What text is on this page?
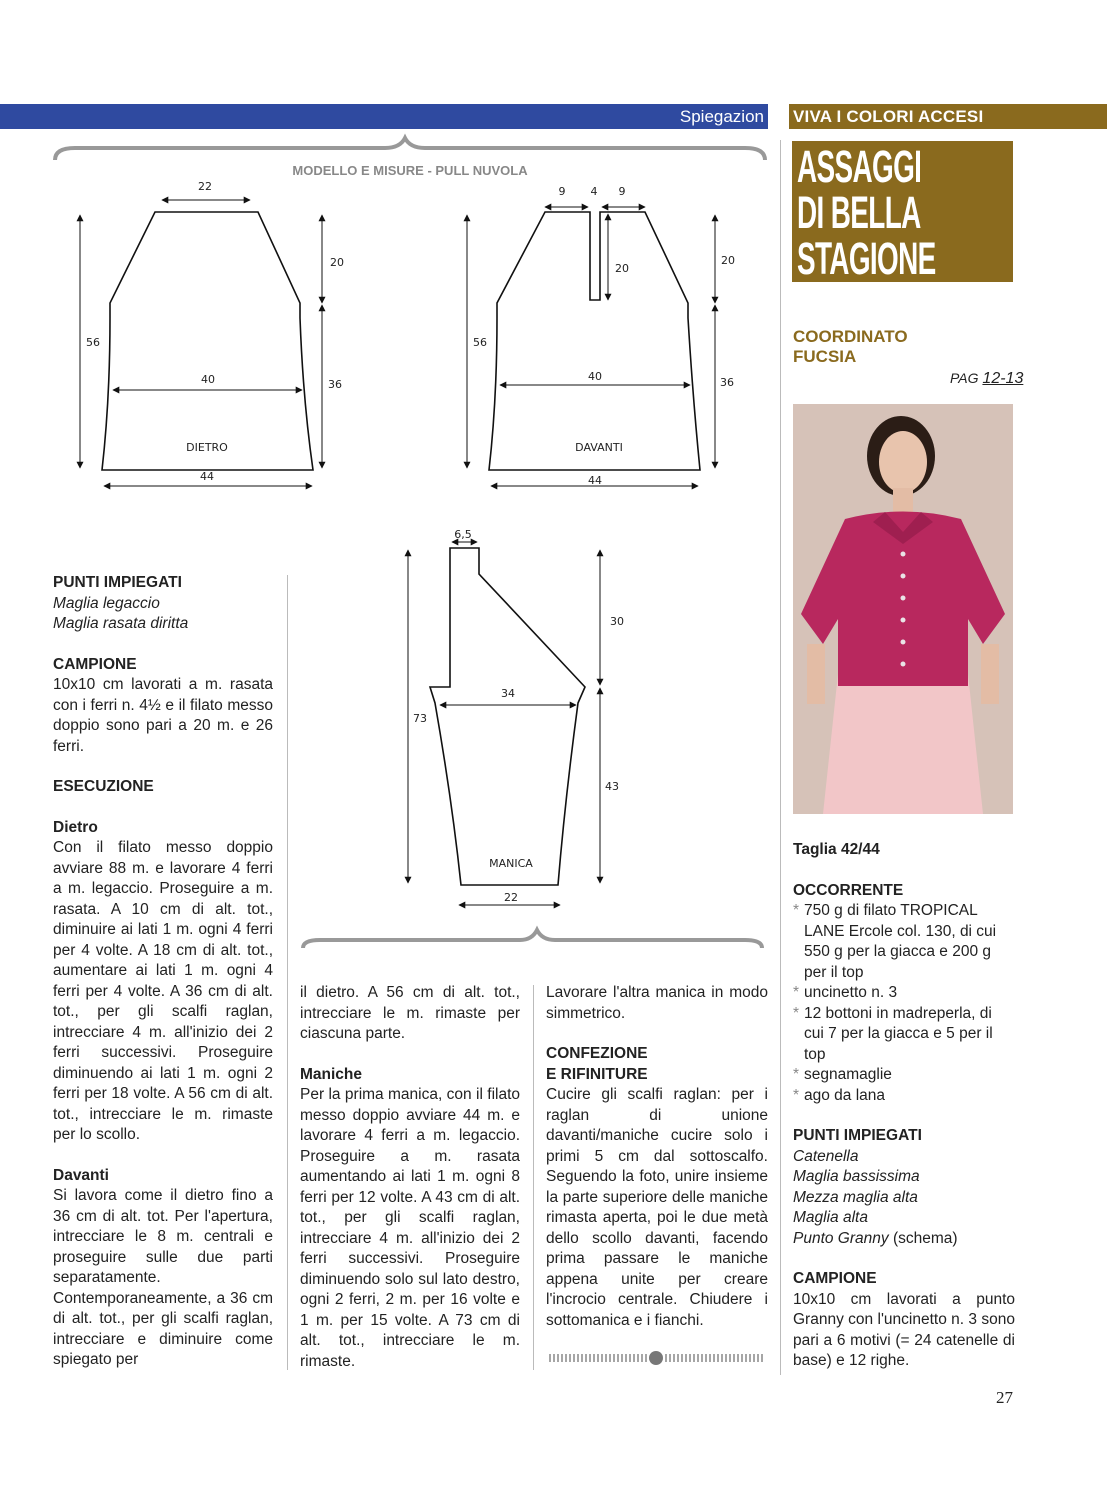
Spiegazion VIVA I COLORI ACCESI
ASSAGGI
DI BELLA
STAGIONE
MODELLO E MISURE - PULL NUVOLA
22
56
20
36
40
DIETRO
44
9 4 9
20
56
20
36
40
DAVANTI
44
6,5
30
34
73
43
MANICA
22
PUNTI IMPIEGATI
Maglia legaccio
Maglia rasata diritta
CAMPIONE

10x10 cm lavorati a m. rasata con i ferri n. 4½ e il filato messo doppio sono pari a 20 m. e 26 ferri.

ESECUZIONE
Dietro

Con il filato messo doppio avviare 88 m. e lavorare 4 ferri a m. legaccio. Proseguire a m. rasata. A 10 cm di alt. tot., diminuire ai lati 1 m. ogni 4 ferri per 4 volte. A 18 cm di alt. tot., aumentare ai lati 1 m. ogni 4 ferri per 4 volte. A 36 cm di alt. tot., per gli scalfi raglan, intrecciare 4 m. all'inizio dei 2 ferri successivi. Proseguire diminuendo ai lati 1 m. ogni 2 ferri per 18 volte. A 56 cm di alt. tot., intrecciare le m. rimaste per lo scollo.

Davanti

Si lavora come il dietro fino a 36 cm di alt. tot. Per l'apertura, intrecciare le 8 m. centrali e proseguire sulle due parti separatamente. Contemporaneamente, a 36 cm di alt. tot., per gli scalfi raglan, intrecciare e diminuire come spiegato per

il dietro. A 56 cm di alt. tot., intrecciare le m. rimaste per ciascuna parte.

Maniche

Per la prima manica, con il filato messo doppio avviare 44 m. e lavorare 4 ferri a m. legaccio. Proseguire a m. rasata aumentando ai lati 1 m. ogni 8 ferri per 12 volte. A 43 cm di alt. tot., per gli scalfi raglan, intrecciare 4 m. all'inizio dei 2 ferri successivi. Proseguire diminuendo solo sul lato destro, ogni 2 ferri, 2 m. per 16 volte e 1 m. per 15 volte. A 73 cm di alt. tot., intrecciare le m. rimaste.

Lavorare l'altra manica in modo simmetrico.

CONFEZIONE
E RIFINITURE

Cucire gli scalfi raglan: per i raglan di unione davanti/maniche cucire solo i primi 5 cm dal sottoscalfo. Seguendo la foto, unire insieme la parte superiore delle maniche rimasta aperta, poi le due metà dello scollo davanti, facendo prima passare le maniche appena unite per creare l'incrocio centrale. Chiudere i sottomanica e i fianchi.

COORDINATO
FUCSIA
PAG 12-13
Taglia 42/44
OCCORRENTE
* 750 g di filato TROPICAL LANE Ercole col. 130, di cui 550 g per la giacca e 200 g per il top
* uncinetto n. 3
* 12 bottoni in madreperla, di cui 7 per la giacca e 5 per il top
* segnamaglie
* ago da lana
PUNTI IMPIEGATI
Catenella
Maglia bassissima
Mezza maglia alta
Maglia alta
Punto Granny (schema)
CAMPIONE

10x10 cm lavorati a punto Granny con l'uncinetto n. 3 sono pari a 6 motivi (= 24 catenelle di base) e 12 righe.

27
